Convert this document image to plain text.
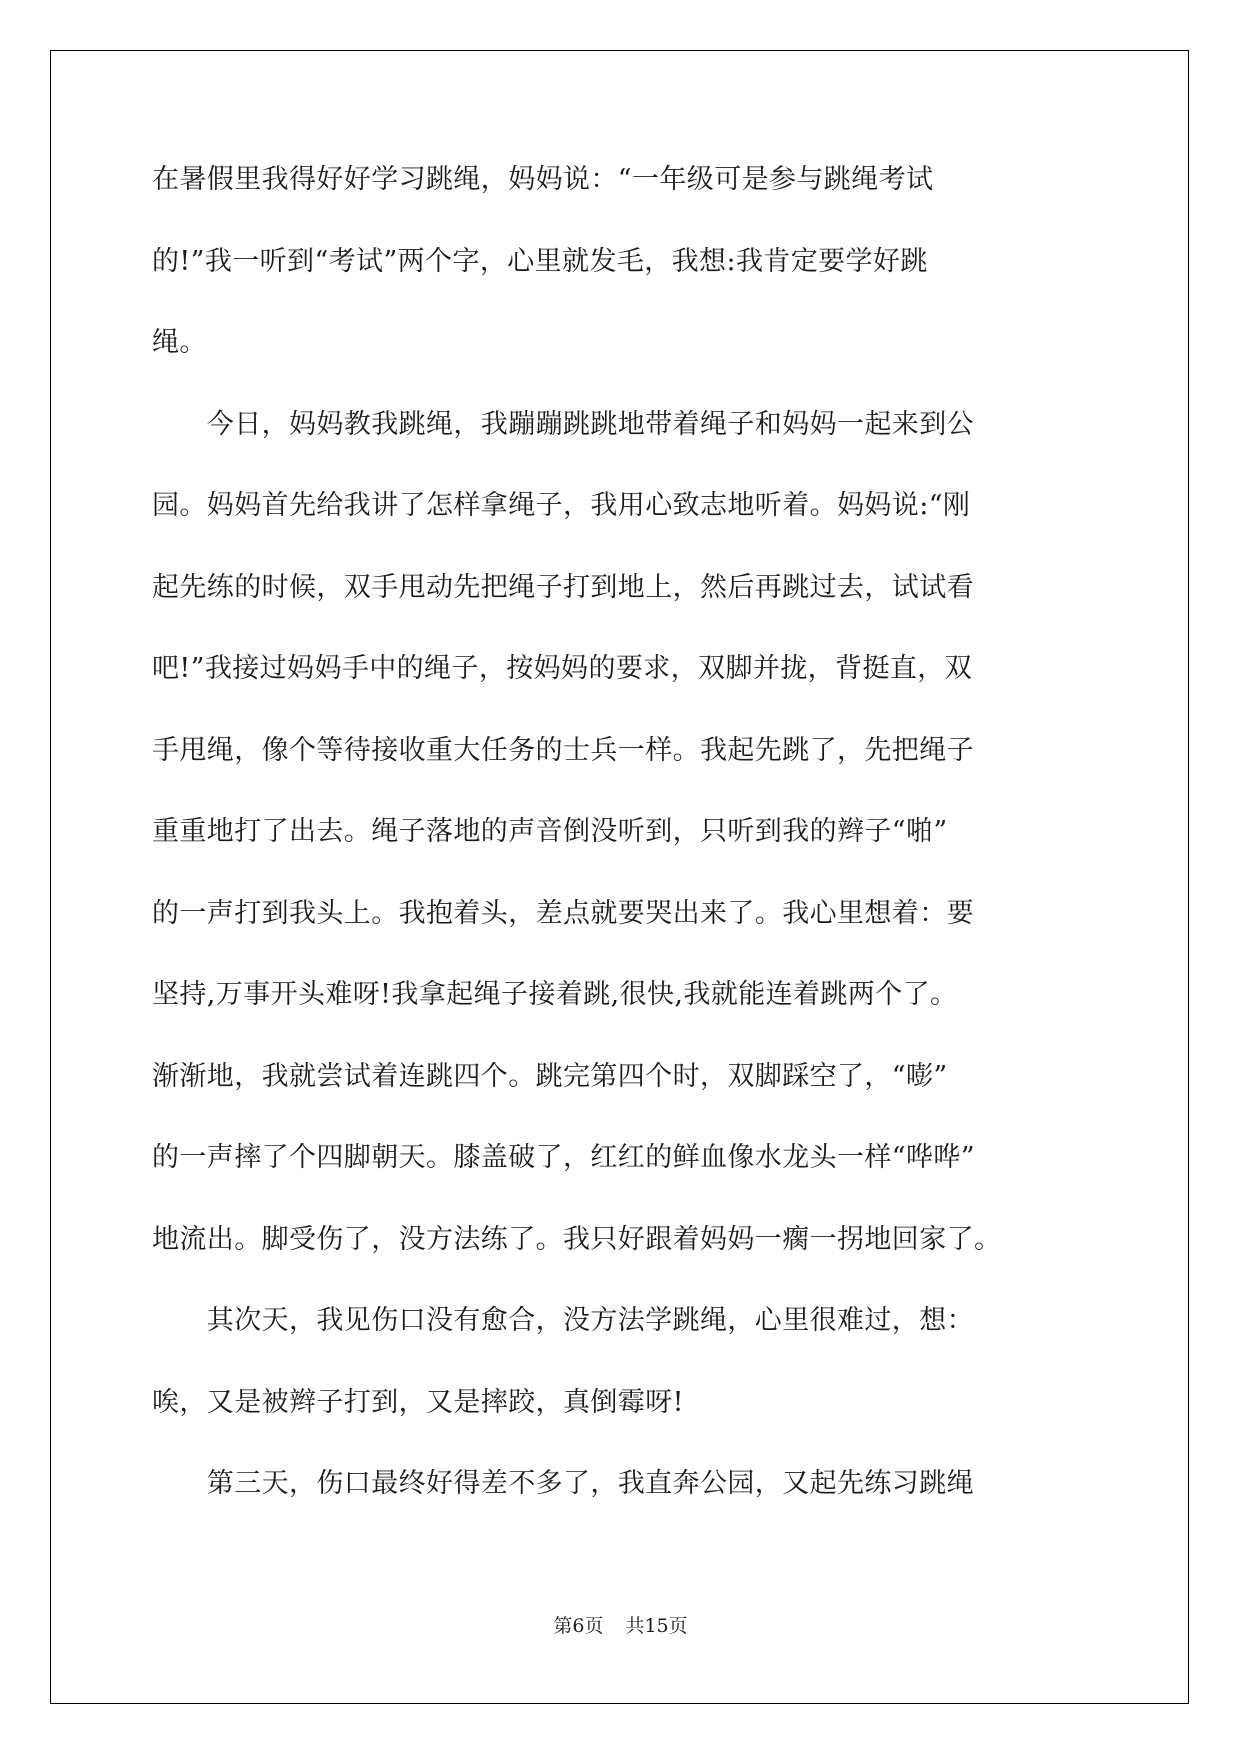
在暑假里我得好好学习跳绳，妈妈说：“一年级可是参与跳绳考试
的!”我一听到“考试”两个字，心里就发毛，我想:我肯定要学好跳
绳。
　　今日，妈妈教我跳绳，我蹦蹦跳跳地带着绳子和妈妈一起来到公
园。妈妈首先给我讲了怎样拿绳子，我用心致志地听着。妈妈说:“刚
起先练的时候，双手甩动先把绳子打到地上，然后再跳过去，试试看
吧!”我接过妈妈手中的绳子，按妈妈的要求，双脚并拢，背挺直，双
手甩绳，像个等待接收重大任务的士兵一样。我起先跳了，先把绳子
重重地打了出去。绳子落地的声音倒没听到，只听到我的辫子“啪”
的一声打到我头上。我抱着头，差点就要哭出来了。我心里想着：要
坚持,万事开头难呀!我拿起绳子接着跳,很快,我就能连着跳两个了。
渐渐地，我就尝试着连跳四个。跳完第四个时，双脚踩空了，“嘭”
的一声摔了个四脚朝天。膝盖破了，红红的鲜血像水龙头一样“哗哗”
地流出。脚受伤了，没方法练了。我只好跟着妈妈一瘸一拐地回家了。
　　其次天，我见伤口没有愈合，没方法学跳绳，心里很难过，想：
唉，又是被辫子打到，又是摔跤，真倒霉呀!
　　第三天，伤口最终好得差不多了，我直奔公园，又起先练习跳绳
第6页 共15页
